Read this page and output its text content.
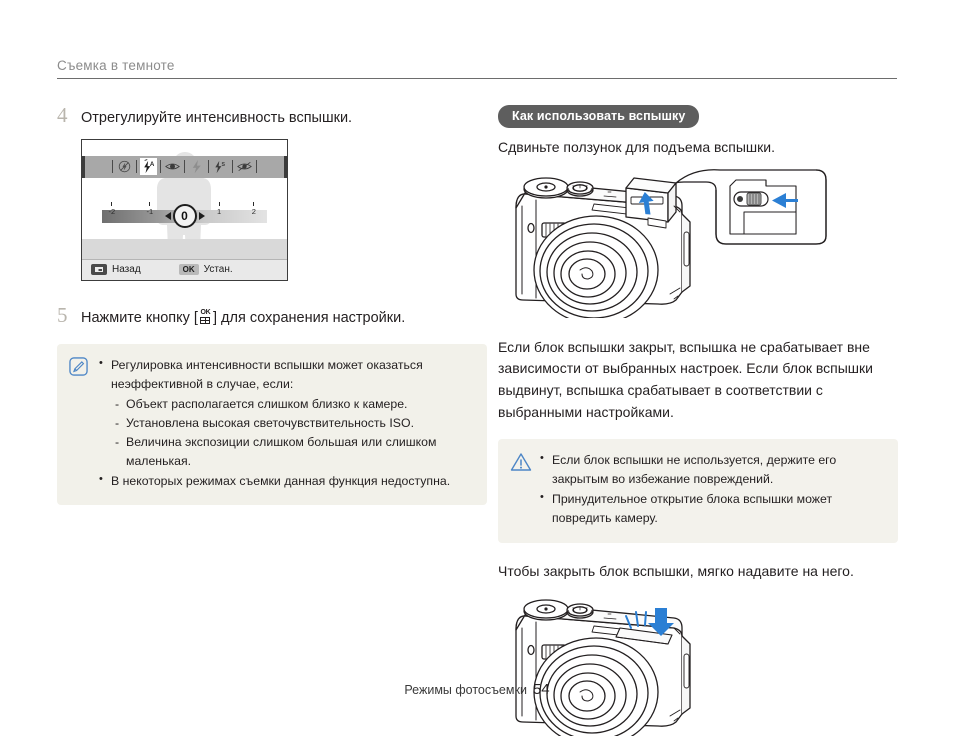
Съемка в темноте
4 Отрегулируйте интенсивность вспышки.
A	S
-2	-1	1	2
0
Назад	OK Устан.
5 Нажмите кнопку [ OK ] для сохранения настройки.
• Регулировка интенсивности вспышки может оказаться неэффективной в случае, если:
- Объект располагается слишком близко к камере.
- Установлена высокая светочувствительность ISO.
- Величина экспозиции слишком большая или слишком маленькая.
• В некоторых режимах съемки данная функция недоступна.
Как использовать вспышку
Сдвиньте ползунок для подъема вспышки.
Если блок вспышки закрыт, вспышка не срабатывает вне зависимости от выбранных настроек. Если блок вспышки выдвинут, вспышка срабатывает в соответствии с выбранными настройками.
• Если блок вспышки не используется, держите его закрытым во избежание повреждений.
• Принудительное открытие блока вспышки может повредить камеру.
Чтобы закрыть блок вспышки, мягко надавите на него.
Режимы фотосъемки 54
